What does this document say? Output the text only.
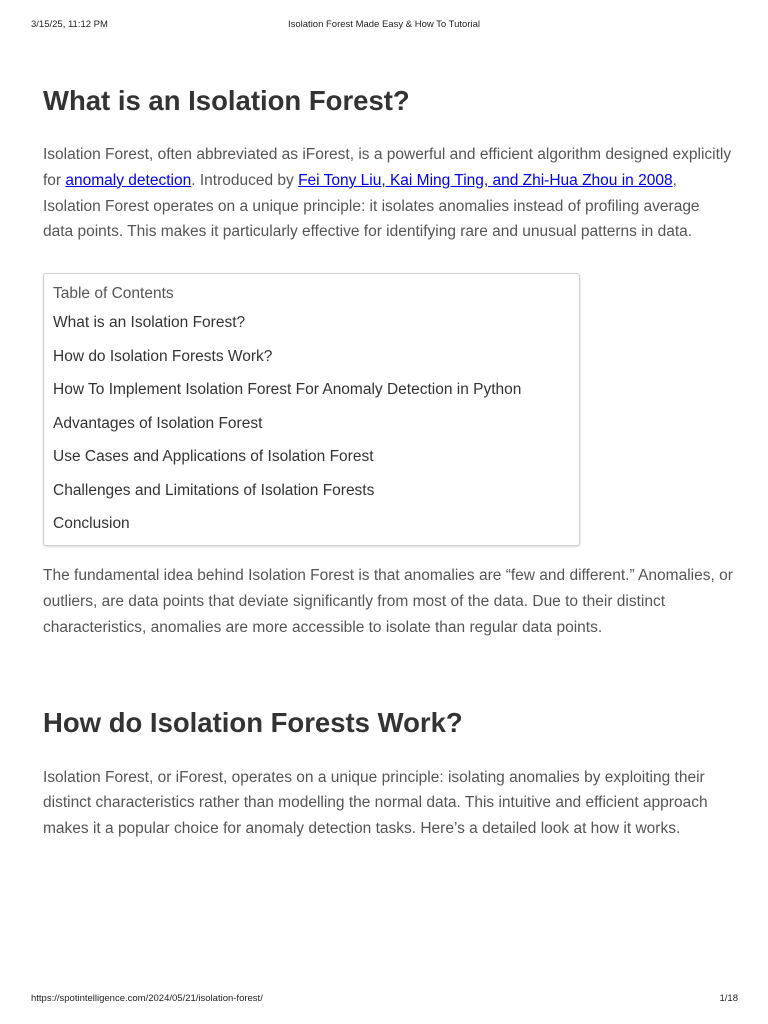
3/15/25, 11:12 PM	Isolation Forest Made Easy & How To Tutorial
What is an Isolation Forest?

Isolation Forest, often abbreviated as iForest, is a powerful and efficient algorithm designed explicitly for anomaly detection. Introduced by Fei Tony Liu, Kai Ming Ting, and Zhi-Hua Zhou in 2008, Isolation Forest operates on a unique principle: it isolates anomalies instead of profiling average data points. This makes it particularly effective for identifying rare and unusual patterns in data.

Table of Contents
What is an Isolation Forest?
How do Isolation Forests Work?
How To Implement Isolation Forest For Anomaly Detection in Python
Advantages of Isolation Forest
Use Cases and Applications of Isolation Forest
Challenges and Limitations of Isolation Forests
Conclusion

The fundamental idea behind Isolation Forest is that anomalies are “few and different.” Anomalies, or outliers, are data points that deviate significantly from most of the data. Due to their distinct characteristics, anomalies are more accessible to isolate than regular data points.

How do Isolation Forests Work?

Isolation Forest, or iForest, operates on a unique principle: isolating anomalies by exploiting their distinct characteristics rather than modelling the normal data. This intuitive and efficient approach makes it a popular choice for anomaly detection tasks. Here’s a detailed look at how it works.

https://spotintelligence.com/2024/05/21/isolation-forest/	1/18
